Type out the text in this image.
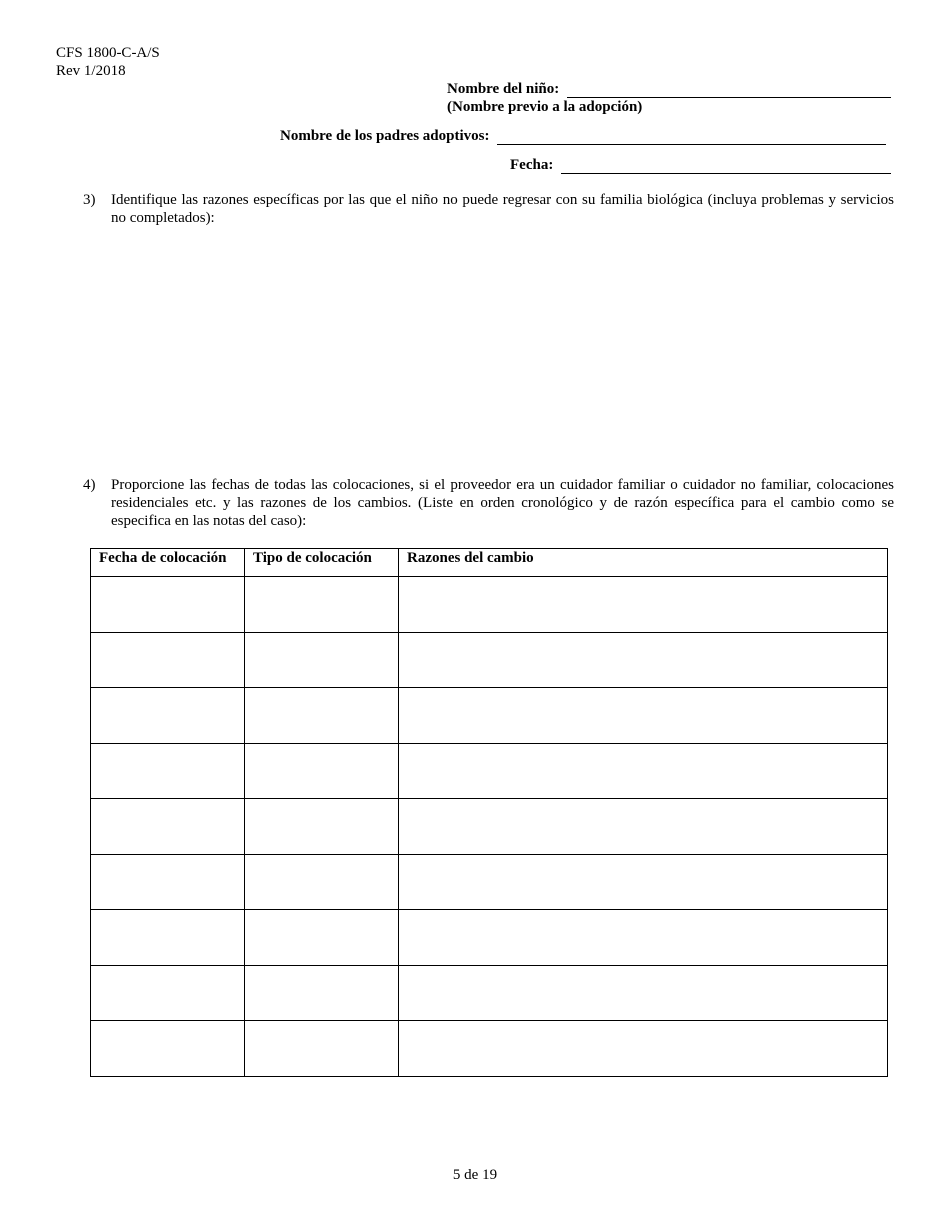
CFS 1800-C-A/S
Rev 1/2018
Nombre del niño:
(Nombre previo a la adopción)
Nombre de los padres adoptivos:
Fecha:
3)	Identifique las razones específicas por las que el niño no puede regresar con su familia biológica (incluya problemas y servicios no completados):
4)	Proporcione las fechas de todas las colocaciones, si el proveedor era un cuidador familiar o cuidador no familiar, colocaciones residenciales etc. y las razones de los cambios. (Liste en orden cronológico y de razón específica para el cambio como se especifica en las notas del caso):
Fecha de colocación	Tipo de colocación	Razones del cambio

5 de 19
